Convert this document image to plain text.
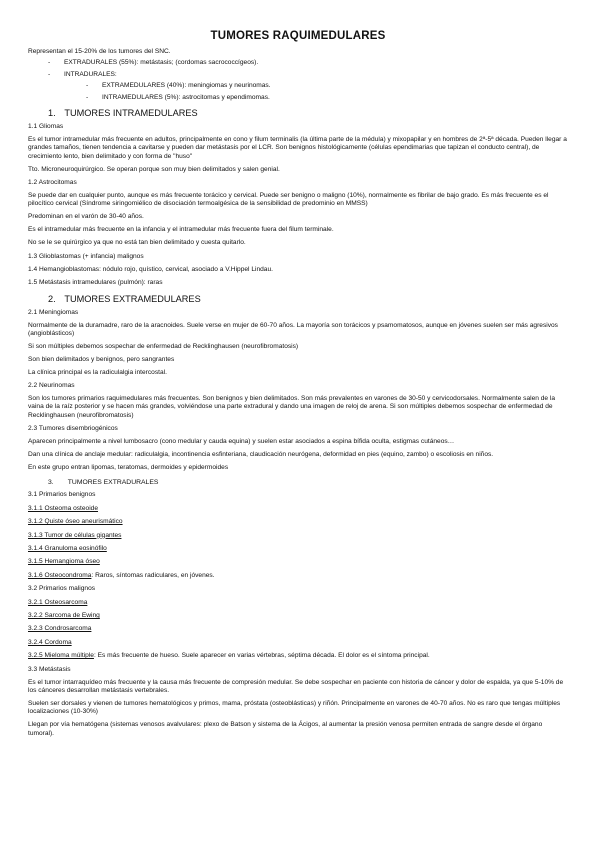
TUMORES RAQUIMEDULARES

Representan el 15-20% de los tumores del SNC.

- EXTRADURALES (55%): metástasis; (cordomas sacrococcígeos).
- INTRADURALES:
- EXTRAMEDULARES (40%): meningiomas y neurinomas.
- INTRAMEDULARES (5%): astrocitomas y ependimomas.
1. TUMORES INTRAMEDULARES

1.1 Gliomas

Es el tumor intramedular más frecuente en adultos, principalmente en cono y filum terminalis (la última parte de la médula) y mixopapilar y en hombres de 2ª-5ª década. Pueden llegar a grandes tamaños, tienen tendencia a cavitarse y pueden dar metástasis por el LCR. Son benignos histológicamente (células ependimarias que tapizan el conducto central), de crecimiento lento, bien delimitado y con forma de "huso"

Tto. Microneuroquirúrgico. Se operan porque son muy bien delimitados y salen genial.

1.2 Astrocitomas

Se puede dar en cualquier punto, aunque es más frecuente torácico y cervical. Puede ser benigno o maligno (10%), normalmente es fibrilar de bajo grado. Es más frecuente es el pilocítico cervical (Síndrome siringomiélico de disociación termoalgésica de la sensibilidad de predominio en MMSS)

Predominan en el varón de 30-40 años.

Es el intramedular más frecuente en la infancia y el intramedular más frecuente fuera del filum terminale.

No se le se quirúrgico ya que no está tan bien delimitado y cuesta quitarlo.

1.3 Glioblastomas (+ infancia) malignos

1.4 Hemangioblastomas: nódulo rojo, quístico, cervical, asociado a V.Hippel Lindau.

1.5 Metástasis intramedulares (pulmón): raras

2. TUMORES EXTRAMEDULARES

2.1 Meningiomas

Normalmente de la duramadre, raro de la aracnoides. Suele verse en mujer de 60-70 años. La mayoría son torácicos y psamomatosos, aunque en jóvenes suelen ser más agresivos (angioblásticos)

Si son múltiples debemos sospechar de enfermedad de Recklinghausen (neurofibromatosis)

Son bien delimitados y benignos, pero sangrantes

La clínica principal es la radiculalgia intercostal.

2.2 Neurinomas

Son los tumores primarios raquimedulares más frecuentes. Son benignos y bien delimitados. Son más prevalentes en varones de 30-50 y cervicodorsales. Normalmente salen de la vaina de la raíz posterior y se hacen más grandes, volviéndose una parte extradural y dando una imagen de reloj de arena. Si son múltiples debemos sospechar de enfermedad de Recklinghausen (neurofibromatosis)

2.3 Tumores disembriogénicos

Aparecen principalmente a nivel lumbosacro (cono medular y cauda equina) y suelen estar asociados a espina bífida oculta, estigmas cutáneos…

Dan una clínica de anclaje medular: radiculalgia, incontinencia esfinteriana, claudicación neurógena, deformidad en pies (equino, zambo) o escoliosis en niños.

En este grupo entran lipomas, teratomas, dermoides y epidermoides

3. TUMORES EXTRADURALES

3.1 Primarios benignos

3.1.1 Osteoma osteoide

3.1.2 Quiste óseo aneurismático

3.1.3 Tumor de células gigantes

3.1.4 Granuloma eosinófilo

3.1.5 Hemangioma óseo

3.1.6 Osteocondroma: Raros, síntomas radiculares, en jóvenes.

3.2 Primarios malignos

3.2.1 Osteosarcoma

3.2.2 Sarcoma de Ewing

3.2.3 Condrosarcoma

3.2.4 Cordoma

3.2.5 Mieloma múltiple: Es más frecuente de hueso. Suele aparecer en varias vértebras, séptima década. El dolor es el síntoma principal.

3.3 Metástasis

Es el tumor intarraquídeo más frecuente y la causa más frecuente de compresión medular. Se debe sospechar en paciente con historia de cáncer y dolor de espalda, ya que 5-10% de los cánceres desarrollan metástasis vertebrales.

Suelen ser dorsales y vienen de tumores hematológicos y primos, mama, próstata (osteoblásticas) y riñón. Principalmente en varones de 40-70 años. No es raro que tengas múltiples localizaciones (10-30%)

Llegan por vía hematógena (sistemas venosos avalvulares: plexo de Batson y sistema de la Ácigos, al aumentar la presión venosa permiten entrada de sangre desde el órgano tumoral).
